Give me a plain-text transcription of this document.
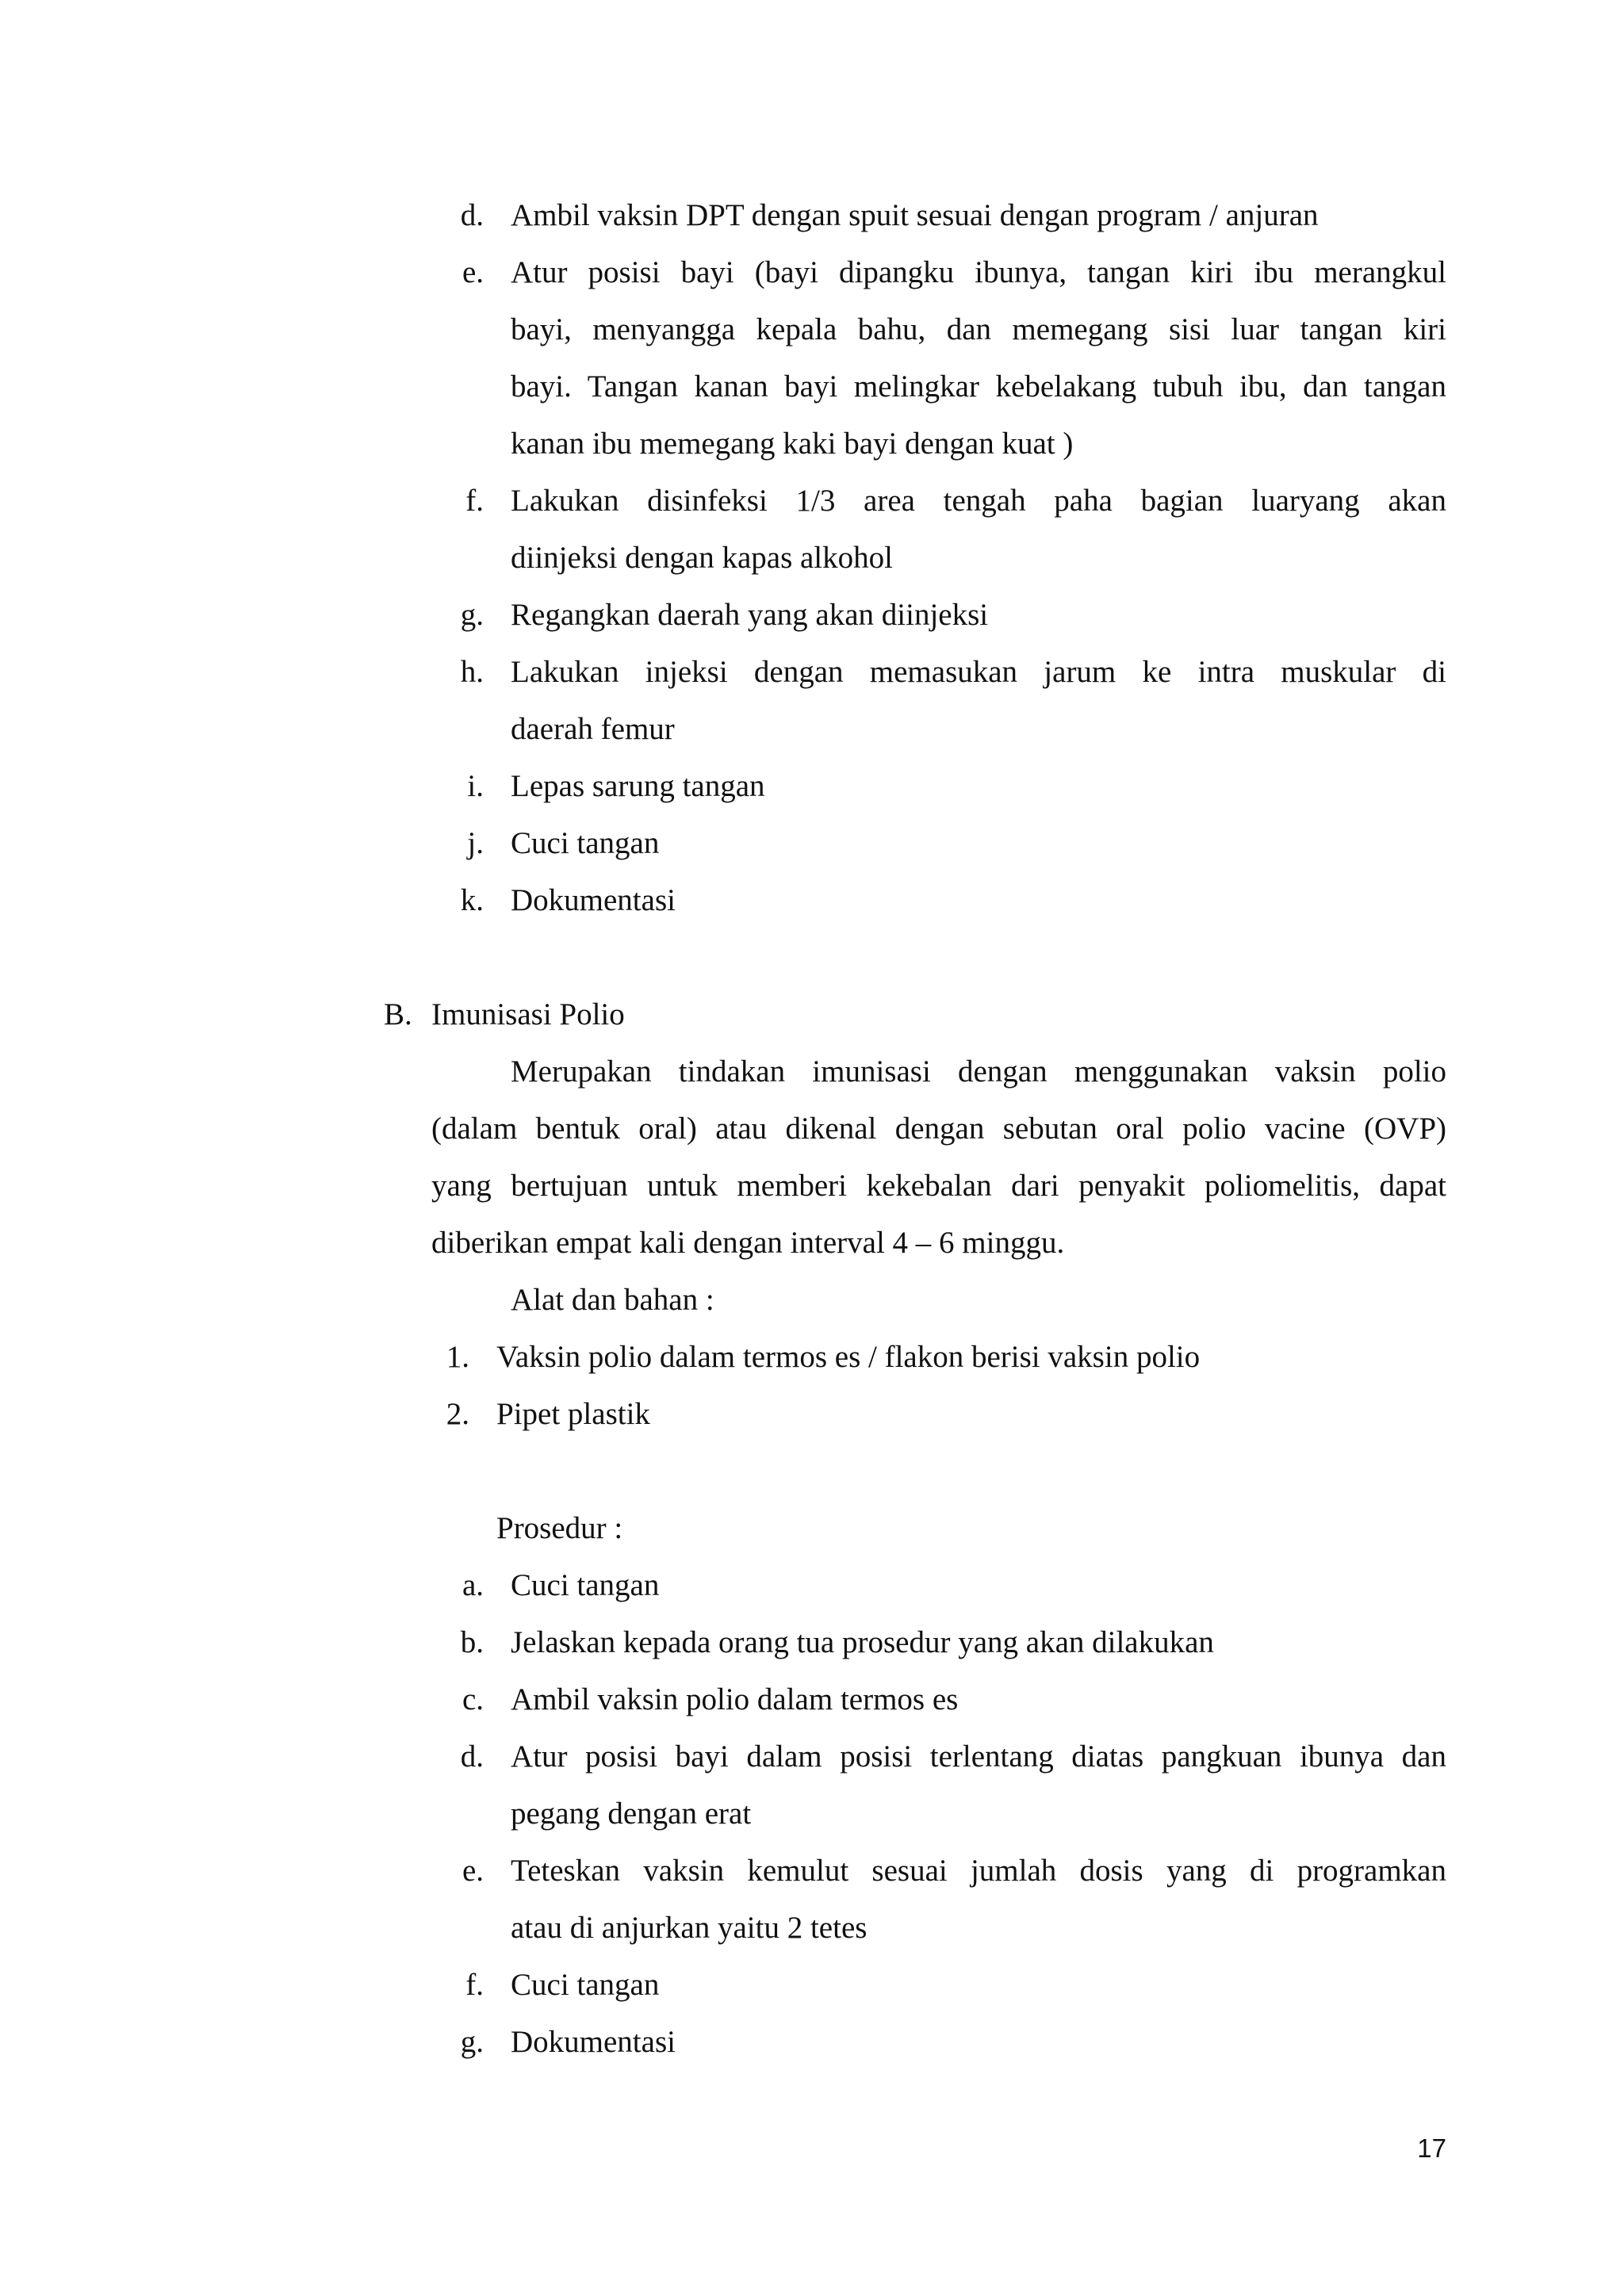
d. Ambil vaksin DPT dengan spuit sesuai dengan program / anjuran
e. Atur posisi bayi (bayi dipangku ibunya, tangan kiri ibu merangkul
bayi, menyangga kepala bahu, dan memegang sisi luar tangan kiri
bayi. Tangan kanan bayi melingkar kebelakang tubuh ibu, dan tangan
kanan ibu memegang kaki bayi dengan kuat )
f. Lakukan disinfeksi 1/3 area tengah paha bagian luaryang akan
diinjeksi dengan kapas alkohol
g. Regangkan daerah yang akan diinjeksi
h. Lakukan injeksi dengan memasukan jarum ke intra muskular di
daerah femur
i. Lepas sarung tangan
j. Cuci tangan
k. Dokumentasi
B. Imunisasi Polio
Merupakan tindakan imunisasi dengan menggunakan vaksin polio
(dalam bentuk oral) atau dikenal dengan sebutan oral polio vacine (OVP)
yang bertujuan untuk memberi kekebalan dari penyakit poliomelitis, dapat
diberikan empat kali dengan interval 4 – 6 minggu.
Alat dan bahan :
1. Vaksin polio dalam termos es / flakon berisi vaksin polio
2. Pipet plastik
Prosedur :
a. Cuci tangan
b. Jelaskan kepada orang tua prosedur yang akan dilakukan
c. Ambil vaksin polio dalam termos es
d. Atur posisi bayi dalam posisi terlentang diatas pangkuan ibunya dan
pegang dengan erat
e. Teteskan vaksin kemulut sesuai jumlah dosis yang di programkan
atau di anjurkan yaitu 2 tetes
f. Cuci tangan
g. Dokumentasi
17
